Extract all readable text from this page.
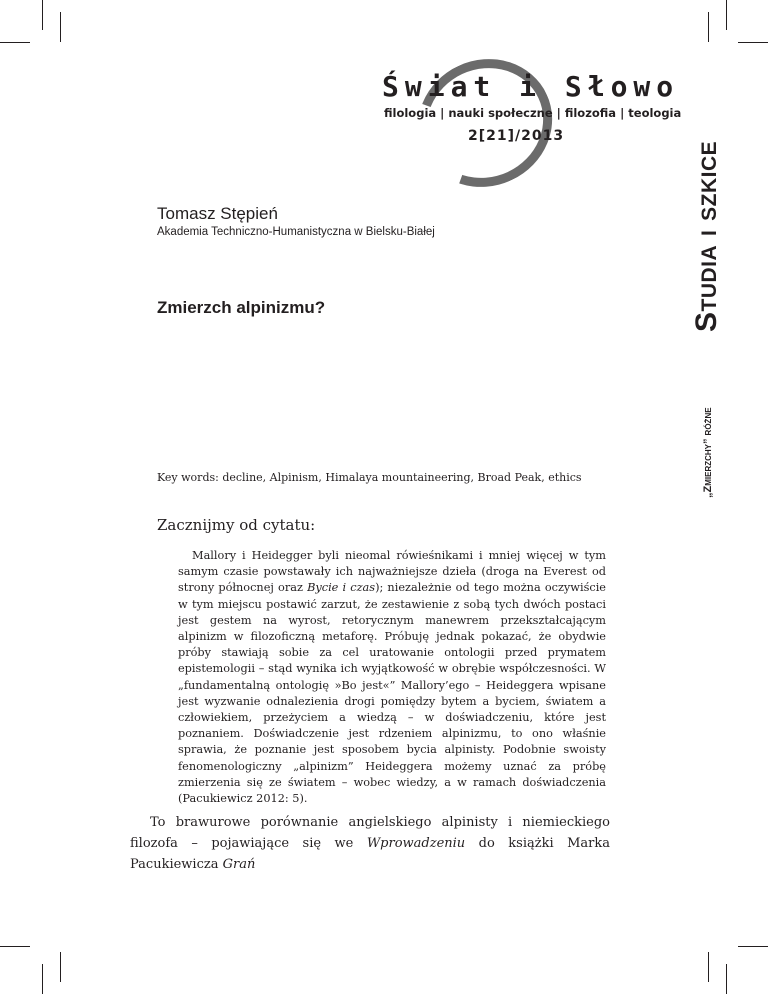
Świat i Słowo
filologia | nauki społeczne | filozofia | teologia
2[21]/2013
Studia i szkice
„Zmierzchy” różne
Tomasz Stępień
Akademia Techniczno-Humanistyczna w Bielsku-Białej
Zmierzch alpinizmu?
Key words: decline, Alpinism, Himalaya mountaineering, Broad Peak, ethics
Zacznijmy od cytatu:

Mallory i Heidegger byli nieomal rówieśnikami i mniej więcej w tym samym czasie powstawały ich najważniejsze dzieła (droga na Everest od strony północnej oraz Bycie i czas); niezależnie od tego można oczywiście w tym miejscu postawić zarzut, że zestawienie z sobą tych dwóch postaci jest gestem na wyrost, retorycznym manewrem przekształcającym alpinizm w filozoficzną metaforę. Próbuję jednak pokazać, że obydwie próby stawiają sobie za cel uratowanie ontologii przed prymatem epistemologii – stąd wynika ich wyjątkowość w obrębie współczesności. W „fundamentalną ontologię »Bo jest«” Mallory’ego – Heideggera wpisane jest wyzwanie odnalezienia drogi pomiędzy bytem a byciem, światem a człowiekiem, przeżyciem a wiedzą – w doświadczeniu, które jest poznaniem. Doświadczenie jest rdzeniem alpinizmu, to ono właśnie sprawia, że poznanie jest sposobem bycia alpinisty. Podobnie swoisty fenomenologiczny „alpinizm” Heideggera możemy uznać za próbę zmierzenia się ze światem – wobec wiedzy, a w ramach doświadczenia (Pacukiewicz 2012: 5).

To brawurowe porównanie angielskiego alpinisty i niemieckiego filozofa – pojawiające się we Wprowadzeniu do książki Marka Pacukiewicza Grań
